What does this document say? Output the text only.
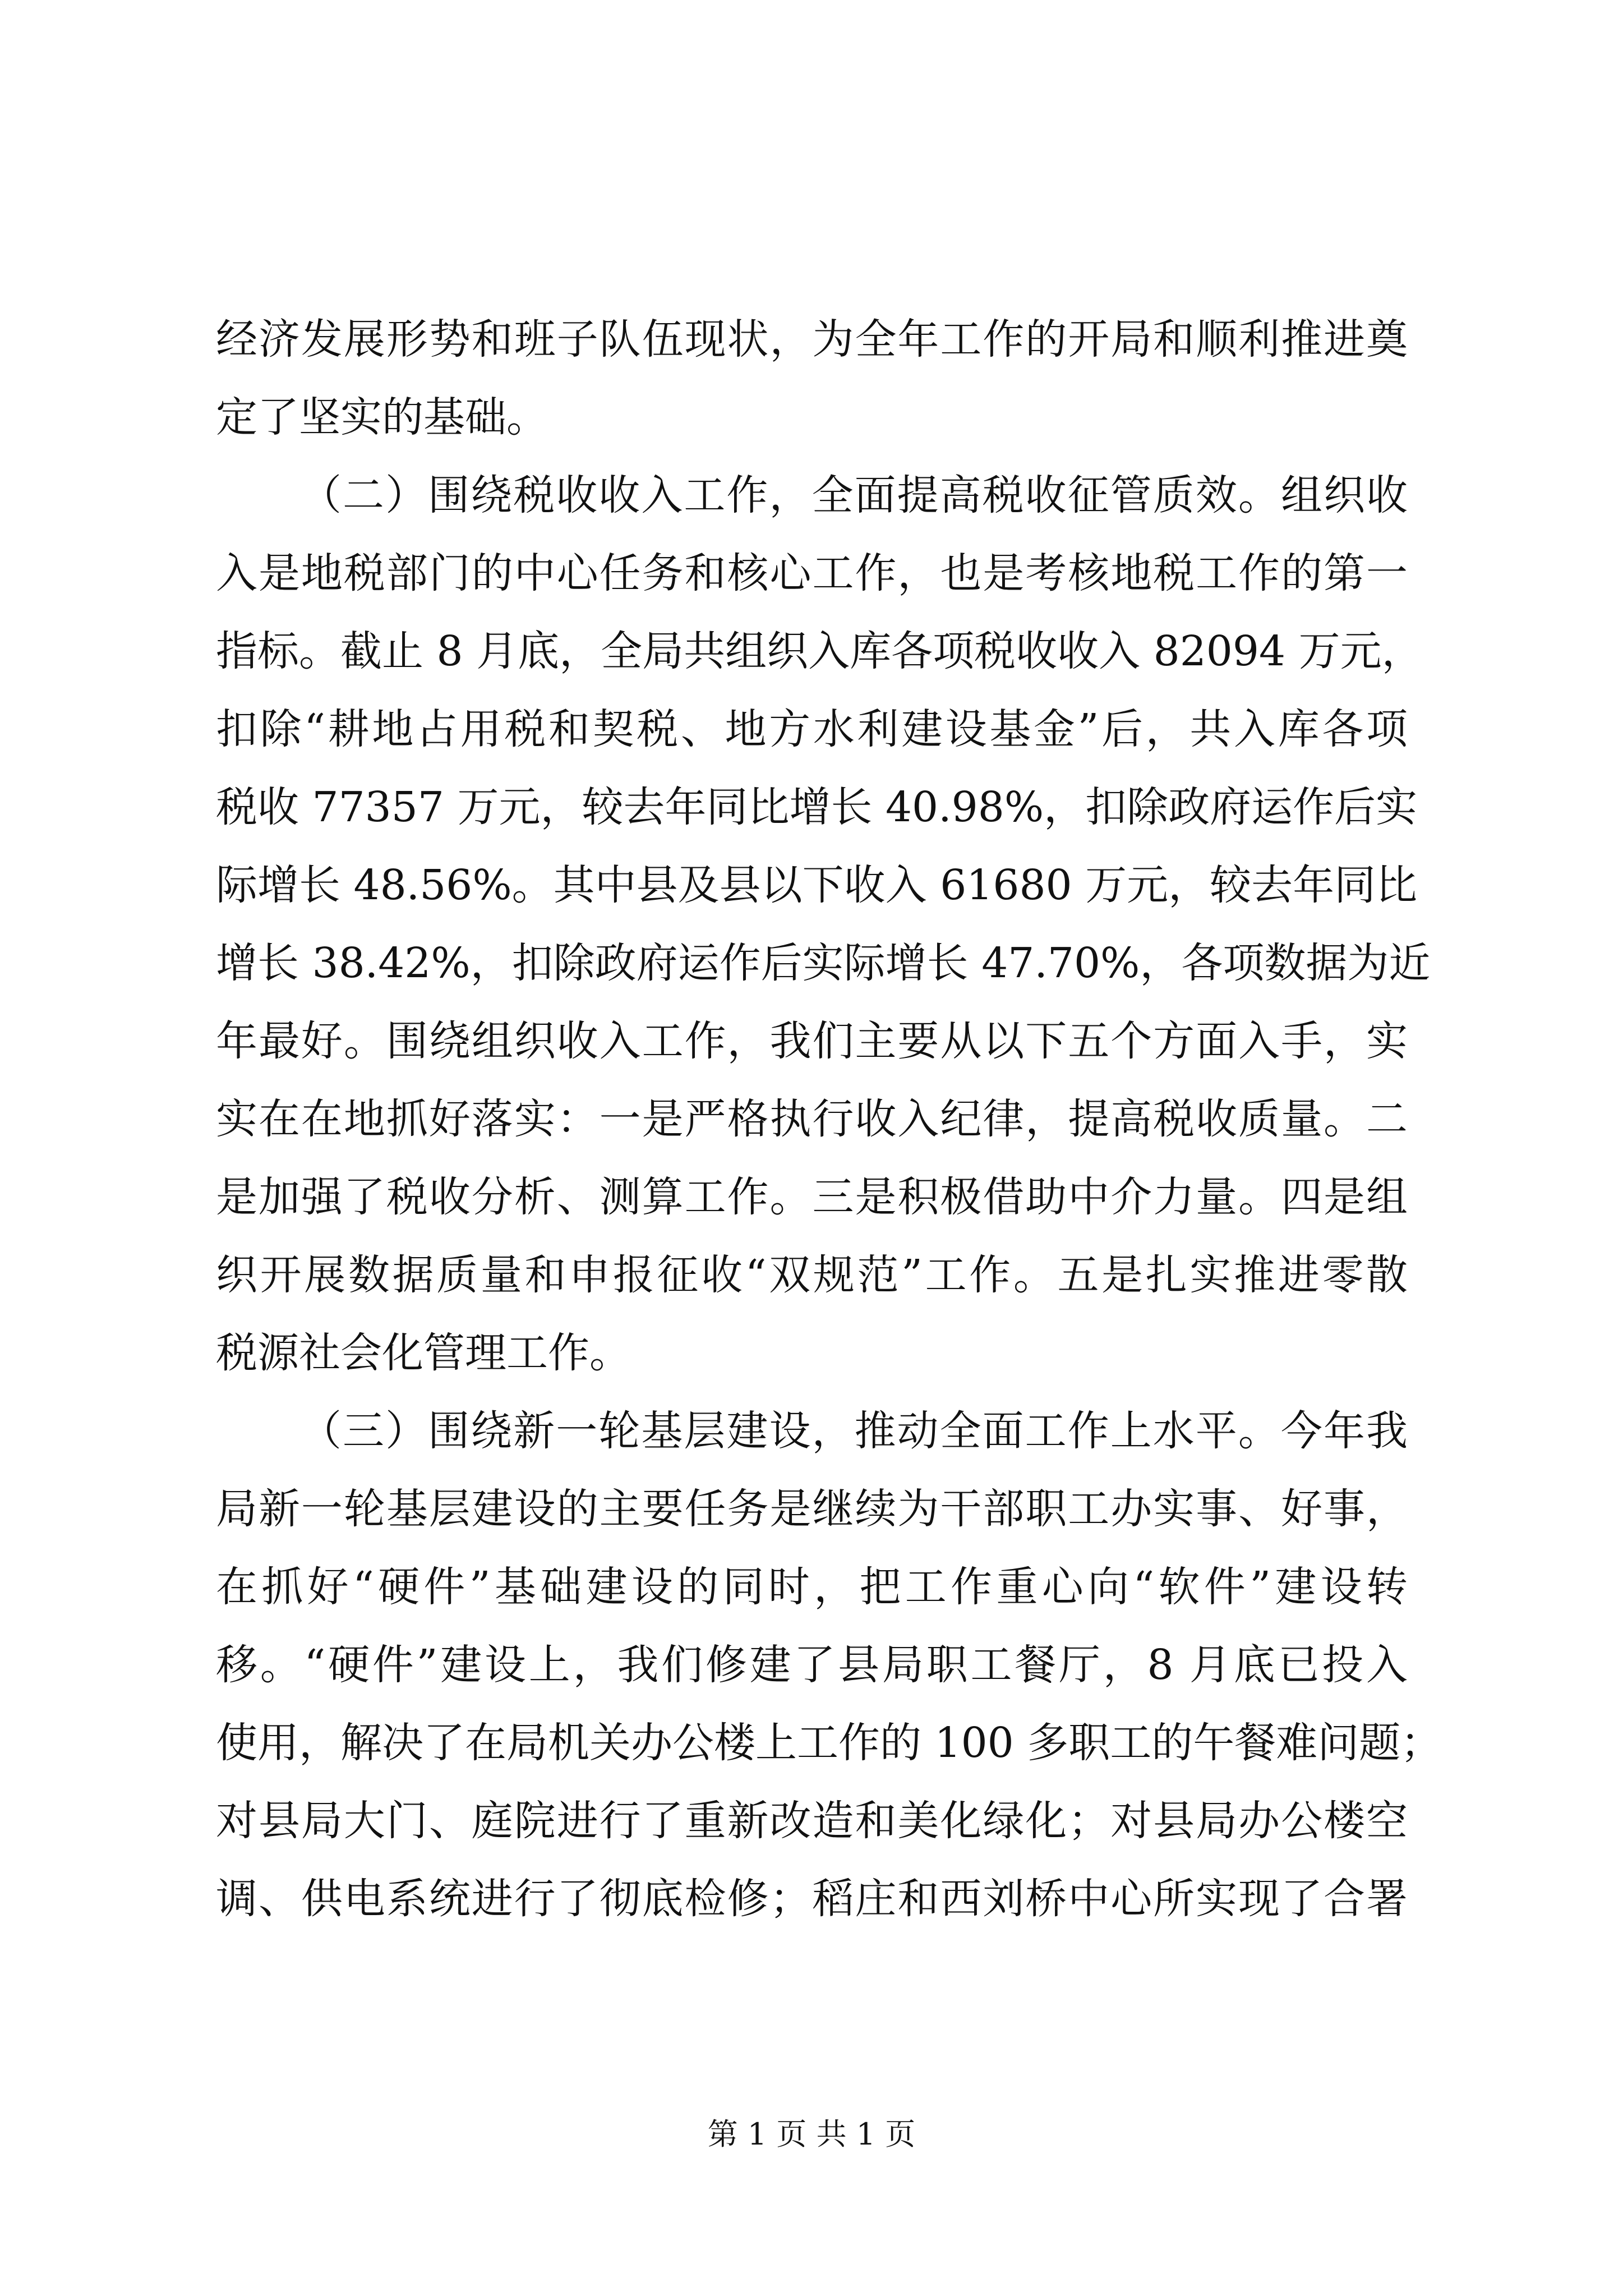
经济发展形势和班子队伍现状，为全年工作的开局和顺利推进奠
定了坚实的基础。
（二）围绕税收收入工作，全面提高税收征管质效。组织收
入是地税部门的中心任务和核心工作，也是考核地税工作的第一
指标。截止 8 月底，全局共组织入库各项税收收入 82094 万元，
扣除“耕地占用税和契税、地方水利建设基金”后，共入库各项
税收 77357 万元，较去年同比增长 40.98%，扣除政府运作后实
际增长 48.56%。其中县及县以下收入 61680 万元，较去年同比
增长 38.42%，扣除政府运作后实际增长 47.70%，各项数据为近
年最好。围绕组织收入工作，我们主要从以下五个方面入手，实
实在在地抓好落实：一是严格执行收入纪律，提高税收质量。二
是加强了税收分析、测算工作。三是积极借助中介力量。四是组
织开展数据质量和申报征收“双规范”工作。五是扎实推进零散
税源社会化管理工作。
（三）围绕新一轮基层建设，推动全面工作上水平。今年我
局新一轮基层建设的主要任务是继续为干部职工办实事、好事，
在抓好“硬件”基础建设的同时，把工作重心向“软件”建设转
移。“硬件”建设上，我们修建了县局职工餐厅，8 月底已投入
使用，解决了在局机关办公楼上工作的 100 多职工的午餐难问题；
对县局大门、庭院进行了重新改造和美化绿化；对县局办公楼空
调、供电系统进行了彻底检修；稻庄和西刘桥中心所实现了合署
第 1 页 共 1 页
